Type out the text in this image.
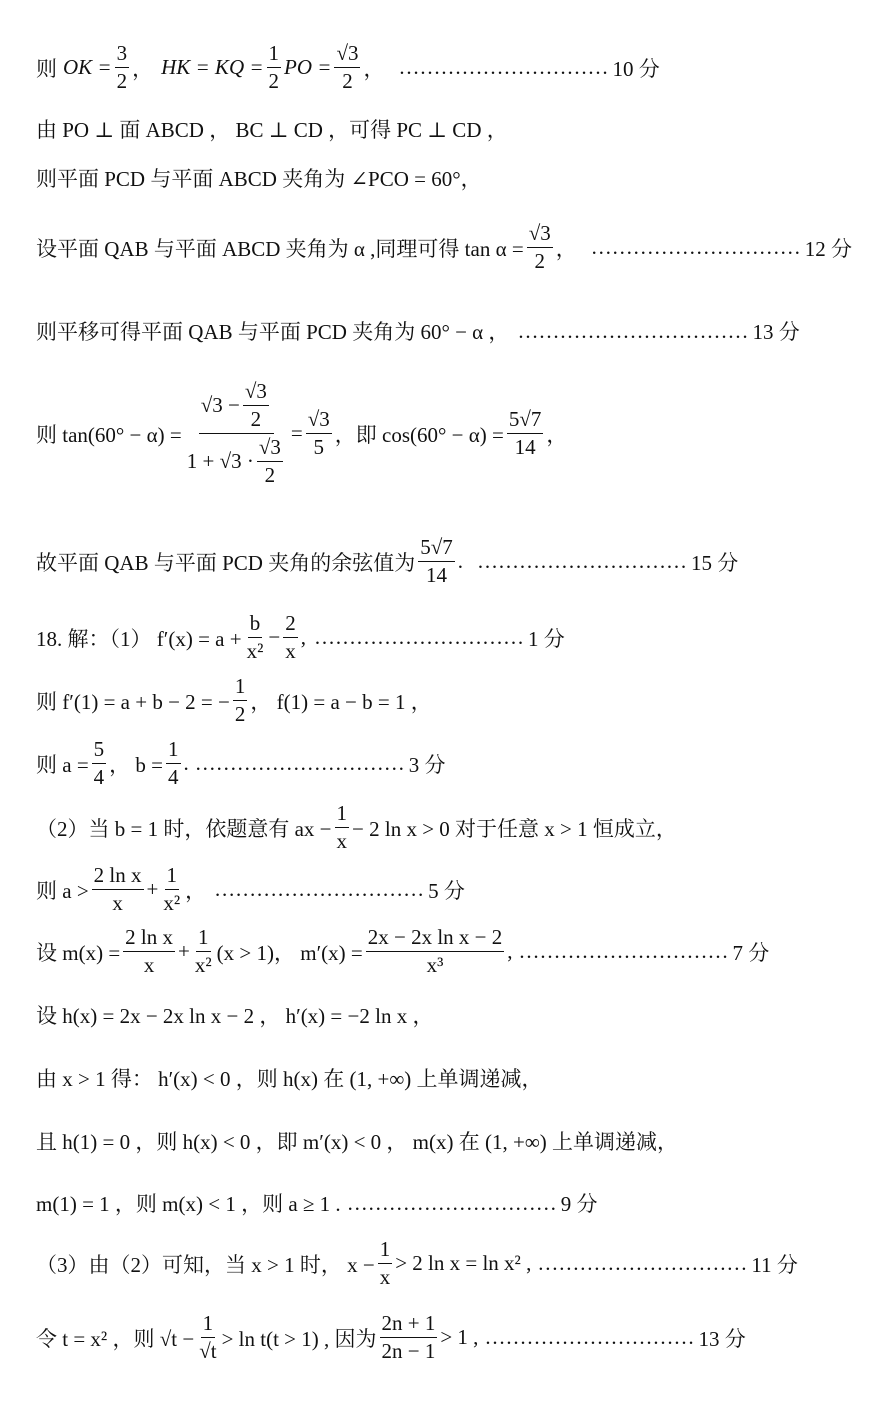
则 OK = $\frac{3}{2}$ ， HK = KQ = $\frac{1}{2}$ PO = $\frac{√3}{2}$ ， ………………………… 10 分
由 PO ⊥ 面 ABCD ， BC ⊥ CD ，可得 PC ⊥ CD ，
则平面 PCD 与平面 ABCD 夹角为 ∠PCO = 60°，
设平面 QAB 与平面 ABCD 夹角为 α ,同理可得 $\tan \alpha = \frac{√3}{2}$ ， ………………………… 12 分
则平移可得平面 QAB 与平面 PCD 夹角为 60° − α ， …………………………… 13 分
则 $\tan(60^\circ - \alpha) = \frac{√3 - \frac{√3}{2}}{1 + √3 \cdot \frac{√3}{2}} = \frac{√3}{5}$ ，即 $\cos(60^\circ - \alpha) = \frac{5√7}{14}$ ，
故平面 QAB 与平面 PCD 夹角的余弦值为 $\frac{5√7}{14}$ . ………………………… 15 分
18. 解：（1） $f'(x) = a + \frac{b}{\text{x²}} - \frac{2}{x}$ , ………………………… 1 分
则 f′(1) = a + b − 2 = − $\frac{1}{2}$ ， f(1) = a − b = 1 ，
则 $a = \frac{5}{4}$ ， $b = \frac{1}{4}$ . ………………………… 3 分
（2）当 b = 1 时，依题意有 ax − $\frac{1}{x} - 2$ ln x > 0 对于任意 x > 1 恒成立，
则 $a > \frac{\text{2 ln x}}{x} + \frac{1}{\text{x²}}$ ， ………………………… 5 分
设 $m(x) = \frac{\text{2 ln x}}{x} + \frac{1}{\text{x²}} (x > 1)$， $m'(x) = \frac{\text{2x − 2x ln x − 2}}{\text{x³}}$ , ………………………… 7 分
设 h(x) = 2x − 2x ln x − 2 ， h′(x) = −2 ln x ，
由 x > 1 得： h′(x) < 0 ，则 h(x) 在 (1, +∞) 上单调递减，
且 h(1) = 0 ，则 h(x) < 0 ，即 m′(x) < 0 ， m(x) 在 (1, +∞) 上单调递减，
m(1) = 1 ，则 m(x) < 1 ，则 a ≥ 1 . ………………………… 9 分
（3）由（2）可知，当 x > 1 时， $x - \frac{1}{x} > 2$ ln x = ln x² , ………………………… 11 分
令 t = x² ，则 $√t - \frac{1}{√t} > \ln t(t > 1)$ , 因为 $\frac{2n + 1}{2n - 1} > 1$ , ………………………… 13 分
